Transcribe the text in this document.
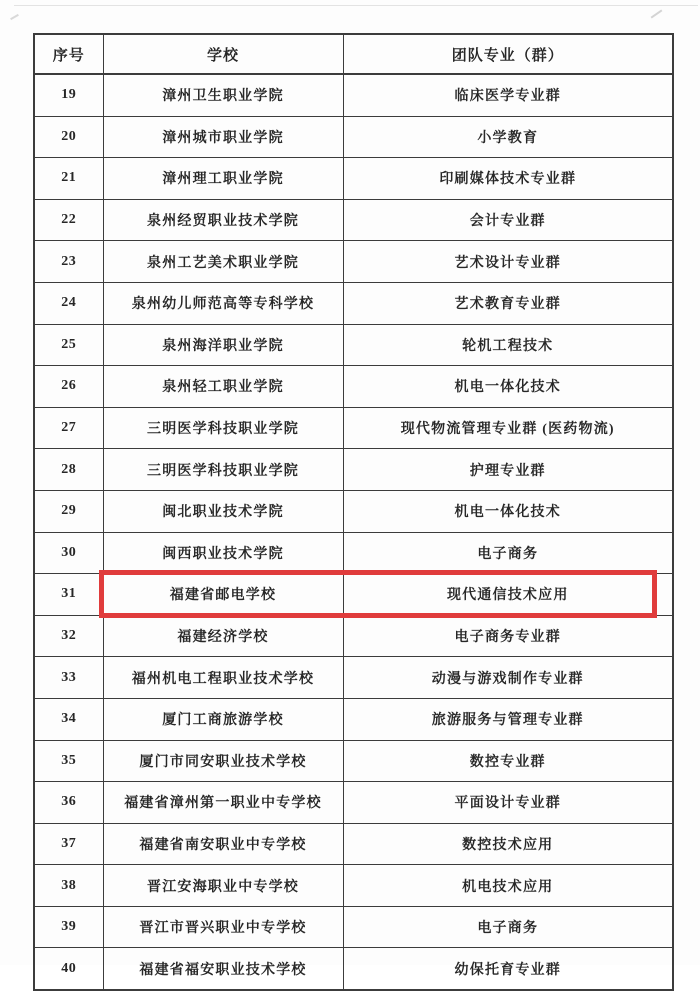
序号	学校	团队专业（群）
19	漳州卫生职业学院	临床医学专业群
20	漳州城市职业学院	小学教育
21	漳州理工职业学院	印刷媒体技术专业群
22	泉州经贸职业技术学院	会计专业群
23	泉州工艺美术职业学院	艺术设计专业群
24	泉州幼儿师范高等专科学校	艺术教育专业群
25	泉州海洋职业学院	轮机工程技术
26	泉州轻工职业学院	机电一体化技术
27	三明医学科技职业学院	现代物流管理专业群 (医药物流)
28	三明医学科技职业学院	护理专业群
29	闽北职业技术学院	机电一体化技术
30	闽西职业技术学院	电子商务
31	福建省邮电学校	现代通信技术应用
32	福建经济学校	电子商务专业群
33	福州机电工程职业技术学校	动漫与游戏制作专业群
34	厦门工商旅游学校	旅游服务与管理专业群
35	厦门市同安职业技术学校	数控专业群
36	福建省漳州第一职业中专学校	平面设计专业群
37	福建省南安职业中专学校	数控技术应用
38	晋江安海职业中专学校	机电技术应用
39	晋江市晋兴职业中专学校	电子商务
40	福建省福安职业技术学校	幼保托育专业群
